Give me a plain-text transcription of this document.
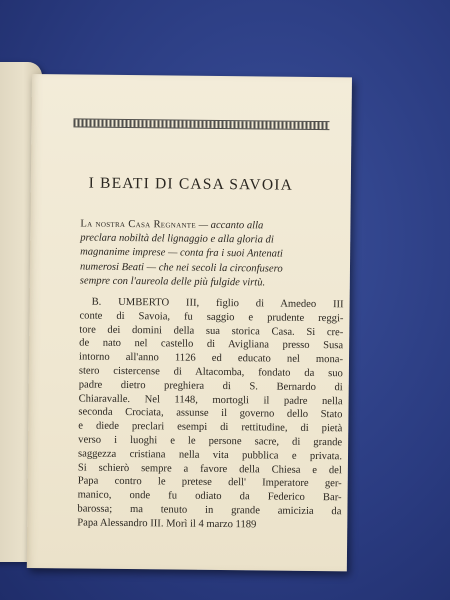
I BEATI DI CASA SAVOIA
La nostra Casa Regnante — accanto alla
preclara nobiltà del lignaggio e alla gloria di
magnanime imprese — conta fra i suoi Antenati
numerosi Beati — che nei secoli la circonfusero
sempre con l'aureola delle più fulgide virtù.
B. UMBERTO III, figlio di Amedeo III
conte di Savoia, fu saggio e prudente reggi-
tore dei domini della sua storica Casa. Si cre-
de nato nel castello di Avigliana presso Susa
intorno all'anno 1126 ed educato nel mona-
stero cistercense di Altacomba, fondato da suo
padre dietro preghiera di S. Bernardo di
Chiaravalle. Nel 1148, mortogli il padre nella
seconda Crociata, assunse il governo dello Stato
e diede preclari esempi di rettitudine, di pietà
verso i luoghi e le persone sacre, di grande
saggezza cristiana nella vita pubblica e privata.
Si schierò sempre a favore della Chiesa e del
Papa contro le pretese dell' Imperatore ger-
manico, onde fu odiato da Federico Bar-
barossa; ma tenuto in grande amicizia da
Papa Alessandro III. Morì il 4 marzo 1189
